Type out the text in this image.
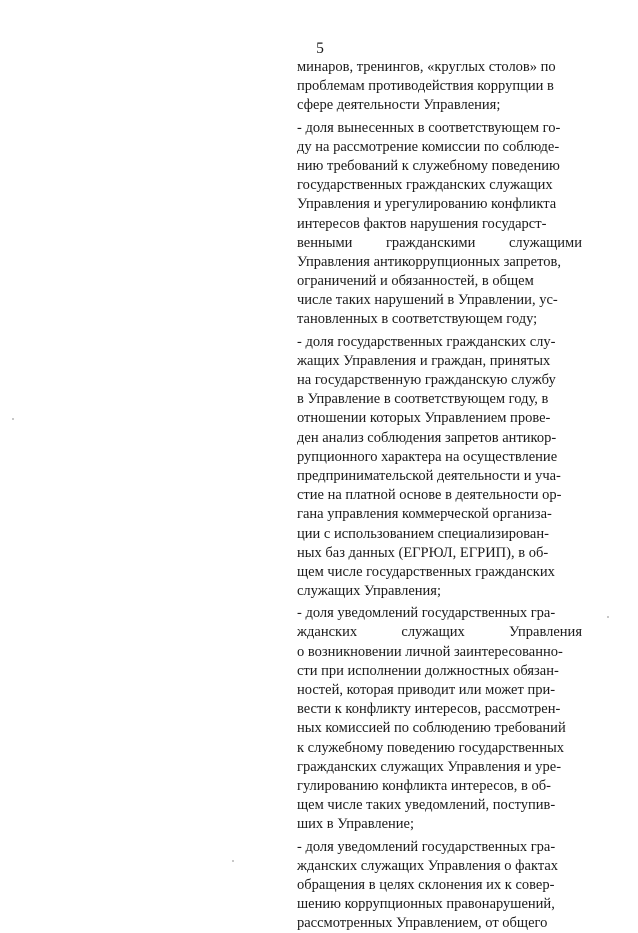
5
минаров, тренингов, «круглых столов» по
проблемам противодействия коррупции в
сфере деятельности Управления;
- доля вынесенных в соответствующем го-
ду на рассмотрение комиссии по соблюде-
нию требований к служебному поведению
государственных гражданских служащих
Управления и урегулированию конфликта
интересов фактов нарушения государст-
венными гражданскими служащими
Управления антикоррупционных запретов,
ограничений и обязанностей, в общем
числе таких нарушений в Управлении, ус-
тановленных в соответствующем году;
- доля государственных гражданских слу-
жащих Управления и граждан, принятых
на государственную гражданскую службу
в Управление в соответствующем году, в
отношении которых Управлением прове-
ден анализ соблюдения запретов антикор-
рупционного характера на осуществление
предпринимательской деятельности и уча-
стие на платной основе в деятельности ор-
гана управления коммерческой организа-
ции с использованием специализирован-
ных баз данных (ЕГРЮЛ, ЕГРИП), в об-
щем числе государственных гражданских
служащих Управления;
- доля уведомлений государственных гра-
жданских служащих Управления
о возникновении личной заинтересованно-
сти при исполнении должностных обязан-
ностей, которая приводит или может при-
вести к конфликту интересов, рассмотрен-
ных комиссией по соблюдению требований
к служебному поведению государственных
гражданских служащих Управления и уре-
гулированию конфликта интересов, в об-
щем числе таких уведомлений, поступив-
ших в Управление;
- доля уведомлений государственных гра-
жданских служащих Управления о фактах
обращения в целях склонения их к совер-
шению коррупционных правонарушений,
рассмотренных Управлением, от общего
